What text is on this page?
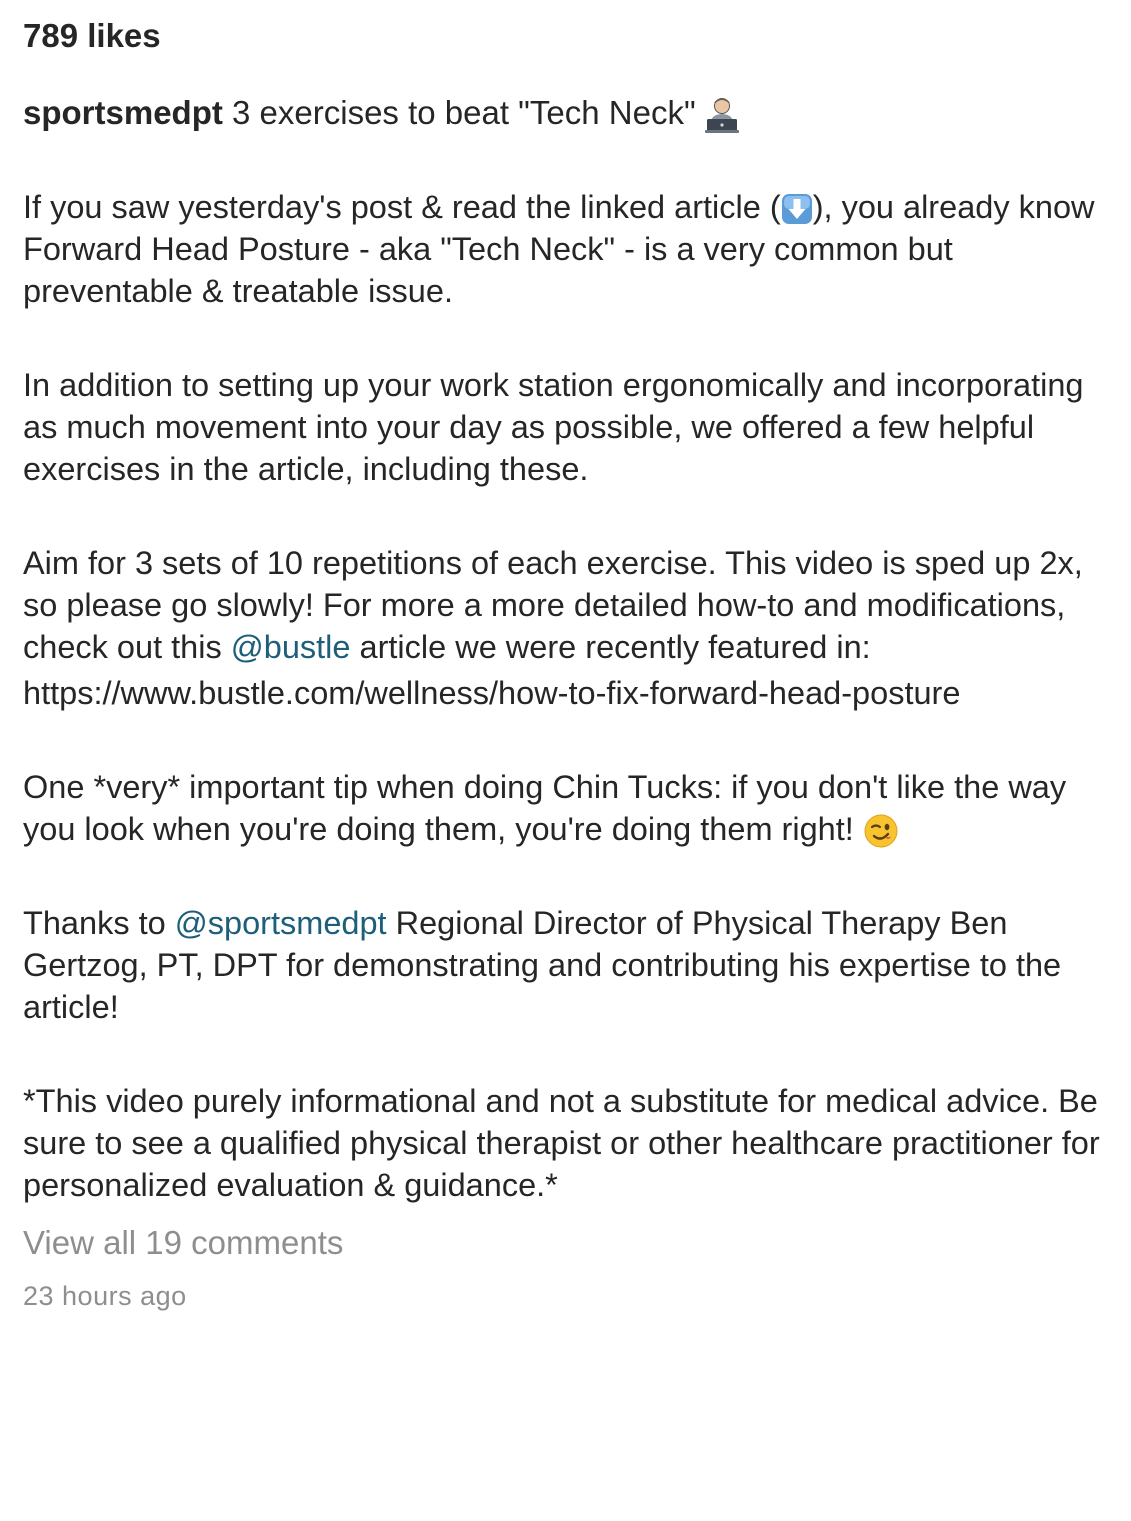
789 likes
sportsmedpt 3 exercises to beat "Tech Neck"

If you saw yesterday's post & read the linked article ( ), you already know Forward Head Posture - aka "Tech Neck" - is a very common but preventable & treatable issue.

In addition to setting up your work station ergonomically and incorporating as much movement into your day as possible, we offered a few helpful exercises in the article, including these.

Aim for 3 sets of 10 repetitions of each exercise. This video is sped up 2x, so please go slowly! For more a more detailed how-to and modifications, check out this @bustle article we were recently featured in:

https://www.bustle.com/wellness/how-to-fix-forward-head-posture

One *very* important tip when doing Chin Tucks: if you don't like the way you look when you're doing them, you're doing them right!

Thanks to @sportsmedpt Regional Director of Physical Therapy Ben Gertzog, PT, DPT for demonstrating and contributing his expertise to the article!

*This video purely informational and not a substitute for medical advice. Be sure to see a qualified physical therapist or other healthcare practitioner for personalized evaluation & guidance.*

View all 19 comments
23 hours ago
